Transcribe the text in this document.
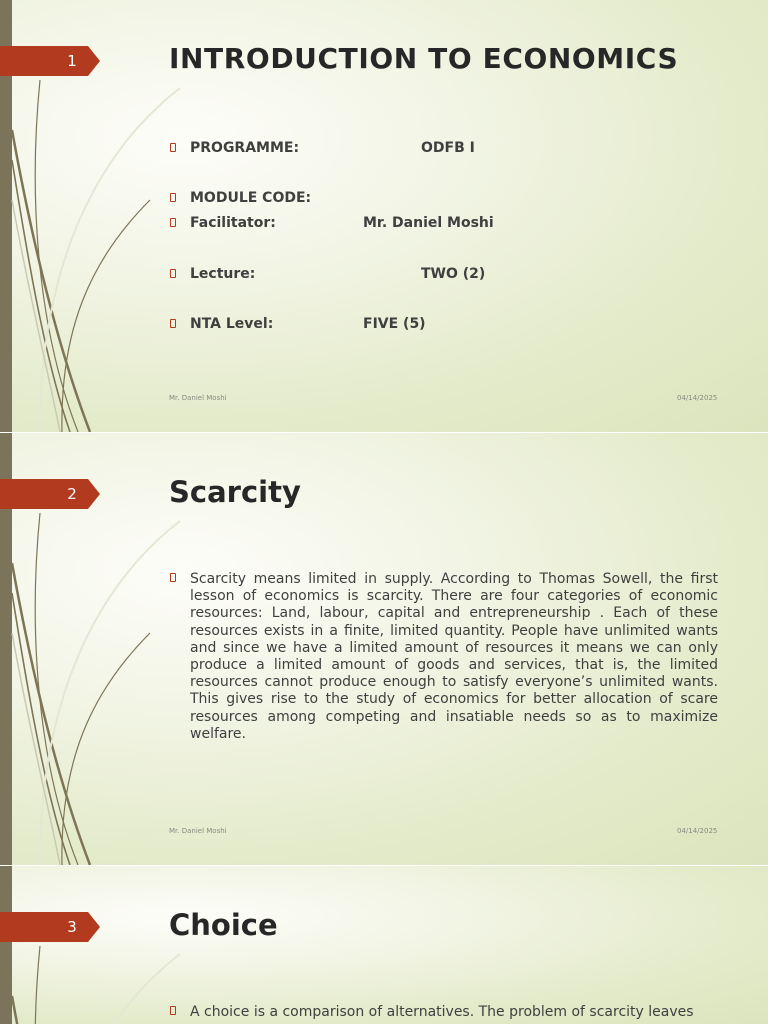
1	INTRODUCTION TO ECONOMICS
PROGRAMME:	ODFB I
MODULE CODE:
Facilitator:	Mr. Daniel Moshi
Lecture:	TWO (2)
NTA Level:	FIVE (5)
Mr. Daniel Moshi	04/14/2025
2	Scarcity

Scarcity means limited in supply. According to Thomas Sowell, the first lesson of economics is scarcity. There are four categories of economic resources: Land, labour, capital and entrepreneurship . Each of these resources exists in a finite, limited quantity. People have unlimited wants and since we have a limited amount of resources it means we can only produce a limited amount of goods and services, that is, the limited resources cannot produce enough to satisfy everyone’s unlimited wants. This gives rise to the study of economics for better allocation of scare resources among competing and insatiable needs so as to maximize welfare.

Mr. Daniel Moshi	04/14/2025
3	Choice

A choice is a comparison of alternatives. The problem of scarcity leaves
